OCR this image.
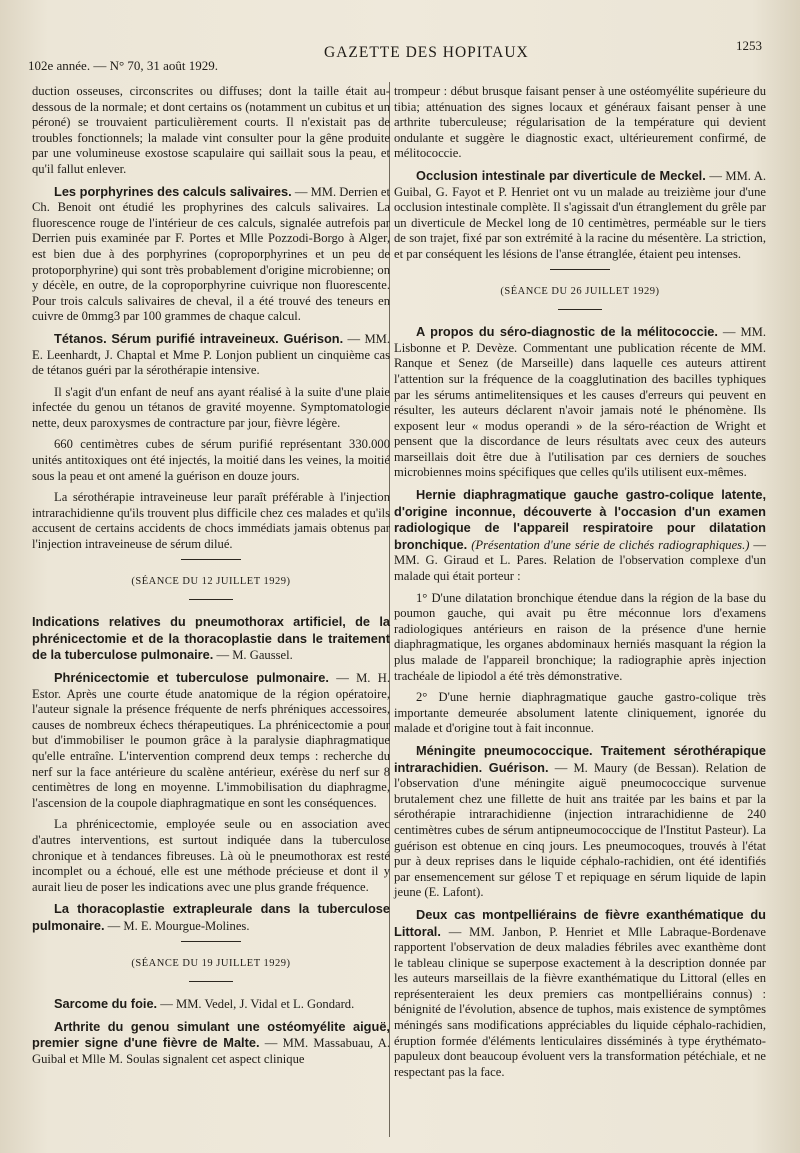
102e année. — N° 70, 31 août 1929.
GAZETTE DES HOPITAUX	1253

duction osseuses, circonscrites ou diffuses; dont la taille était au-dessous de la normale; et dont certains os (notamment un cubitus et un péroné) se trouvaient particulièrement courts. Il n'existait pas de troubles fonctionnels; la malade vint consulter pour la gêne produite par une volumineuse exostose scapulaire qui saillait sous la peau, et qu'il fallut enlever.

Les porphyrines des calculs salivaires. — MM. Derrien et Ch. Benoit ont étudié les prophyrines des calculs salivaires. La fluorescence rouge de l'intérieur de ces calculs, signalée autrefois par Derrien puis examinée par F. Portes et Mlle Pozzodi-Borgo à Alger, est bien due à des porphyrines (coproporphyrines et un peu de protoporphyrine) qui sont très probablement d'origine microbienne; on y décèle, en outre, de la coproporphyrine cuivrique non fluorescente. Pour trois calculs salivaires de cheval, il a été trouvé des teneurs en cuivre de 0mmg3 par 100 grammes de chaque calcul.

Tétanos. Sérum purifié intraveineux. Guérison. — MM. E. Leenhardt, J. Chaptal et Mme P. Lonjon publient un cinquième cas de tétanos guéri par la sérothérapie intensive.

Il s'agit d'un enfant de neuf ans ayant réalisé à la suite d'une plaie infectée du genou un tétanos de gravité moyenne. Symptomatologie nette, deux paroxysmes de contracture par jour, fièvre légère.

660 centimètres cubes de sérum purifié représentant 330.000 unités antitoxiques ont été injectés, la moitié dans les veines, la moitié sous la peau et ont amené la guérison en douze jours.

La sérothérapie intraveineuse leur paraît préférable à l'injection intrarachidienne qu'ils trouvent plus difficile chez ces malades et qu'ils accusent de certains accidents de chocs immédiats jamais obtenus par l'injection intraveineuse de sérum dilué.

(SÉANCE DU 12 JUILLET 1929)

Indications relatives du pneumothorax artificiel, de la phrénicectomie et de la thoracoplastie dans le traitement de la tuberculose pulmonaire. — M. Gaussel.

Phrénicectomie et tuberculose pulmonaire. — M. H. Estor. Après une courte étude anatomique de la région opératoire, l'auteur signale la présence fréquente de nerfs phréniques accessoires, causes de nombreux échecs thérapeutiques. La phrénicectomie a pour but d'immobiliser le poumon grâce à la paralysie diaphragmatique qu'elle entraîne. L'intervention comprend deux temps : recherche du nerf sur la face antérieure du scalène antérieur, exérèse du nerf sur 8 centimètres de long en moyenne. L'immobilisation du diaphragme, l'ascension de la coupole diaphragmatique en sont les conséquences.

La phrénicectomie, employée seule ou en association avec d'autres interventions, est surtout indiquée dans la tuberculose chronique et à tendances fibreuses. Là où le pneumothorax est resté incomplet ou a échoué, elle est une méthode précieuse et dont il y aurait lieu de poser les indications avec une plus grande fréquence.

La thoracoplastie extrapleurale dans la tuberculose pulmonaire. — M. E. Mourgue-Molines.

(SÉANCE DU 19 JUILLET 1929)

Sarcome du foie. — MM. Vedel, J. Vidal et L. Gondard.

Arthrite du genou simulant une ostéomyélite aiguë, premier signe d'une fièvre de Malte. — MM. Massabuau, A. Guibal et Mlle M. Soulas signalent cet aspect clinique

trompeur : début brusque faisant penser à une ostéomyélite supérieure du tibia; atténuation des signes locaux et généraux faisant penser à une arthrite tuberculeuse; régularisation de la température qui devient ondulante et suggère le diagnostic exact, ultérieurement confirmé, de mélitococcie.

Occlusion intestinale par diverticule de Meckel. — MM. A. Guibal, G. Fayot et P. Henriet ont vu un malade au treizième jour d'une occlusion intestinale complète. Il s'agissait d'un étranglement du grêle par un diverticule de Meckel long de 10 centimètres, perméable sur le tiers de son trajet, fixé par son extrémité à la racine du mésentère. La striction, et par conséquent les lésions de l'anse étranglée, étaient peu intenses.

(SÉANCE DU 26 JUILLET 1929)

A propos du séro-diagnostic de la mélitococcie. — MM. Lisbonne et P. Devèze. Commentant une publication récente de MM. Ranque et Senez (de Marseille) dans laquelle ces auteurs attirent l'attention sur la fréquence de la coagglutination des bacilles typhiques par les sérums antimelitensiques et les causes d'erreurs qui peuvent en résulter, les auteurs déclarent n'avoir jamais noté le phénomène. Ils exposent leur « modus operandi » de la séro-réaction de Wright et pensent que la discordance de leurs résultats avec ceux des auteurs marseillais doit être due à l'utilisation par ces derniers de souches microbiennes moins spécifiques que celles qu'ils utilisent eux-mêmes.

Hernie diaphragmatique gauche gastro-colique latente, d'origine inconnue, découverte à l'occasion d'un examen radiologique de l'appareil respiratoire pour dilatation bronchique. (Présentation d'une série de clichés radiographiques.) — MM. G. Giraud et L. Pares. Relation de l'observation complexe d'un malade qui était porteur :

1° D'une dilatation bronchique étendue dans la région de la base du poumon gauche, qui avait pu être méconnue lors d'examens radiologiques antérieurs en raison de la présence d'une hernie diaphragmatique, les organes abdominaux herniés masquant la région la plus malade de l'appareil bronchique; la radiographie après injection trachéale de lipiodol a été très démonstrative.

2° D'une hernie diaphragmatique gauche gastro-colique très importante demeurée absolument latente cliniquement, ignorée du malade et d'origine tout à fait inconnue.

Méningite pneumococcique. Traitement sérothérapique intrarachidien. Guérison. — M. Maury (de Bessan). Relation de l'observation d'une méningite aiguë pneumococcique survenue brutalement chez une fillette de huit ans traitée par les bains et par la sérothérapie intrarachidienne (injection intrarachidienne de 240 centimètres cubes de sérum antipneumococcique de l'Institut Pasteur). La guérison est obtenue en cinq jours. Les pneumocoques, trouvés à l'état pur à deux reprises dans le liquide céphalo-rachidien, ont été identifiés par ensemencement sur gélose T et repiquage en sérum liquide de lapin jeune (E. Lafont).

Deux cas montpelliérains de fièvre exanthématique du Littoral. — MM. Janbon, P. Henriet et Mlle Labraque-Bordenave rapportent l'observation de deux maladies fébriles avec exanthème dont le tableau clinique se superpose exactement à la description donnée par les auteurs marseillais de la fièvre exanthématique du Littoral (elles en représenteraient les deux premiers cas montpelliérains connus) : bénignité de l'évolution, absence de tuphos, mais existence de symptômes méningés sans modifications appréciables du liquide céphalo-rachidien, éruption formée d'éléments lenticulaires disséminés à type érythémato-papuleux dont beaucoup évoluent vers la transformation pétéchiale, et ne respectant pas la face.
